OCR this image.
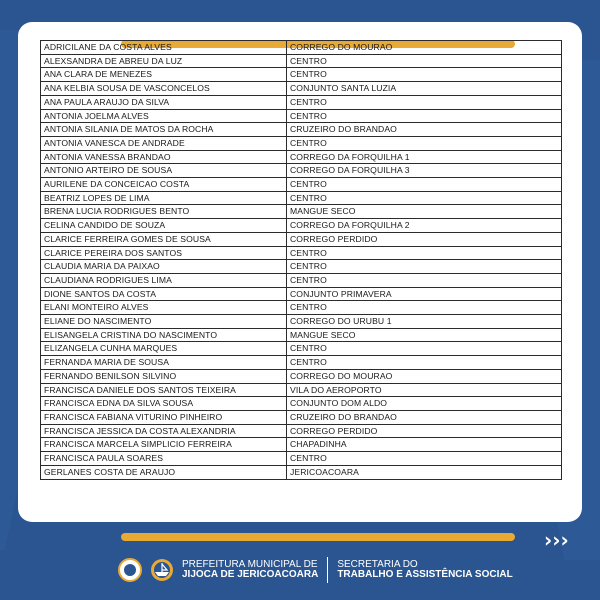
ADRICILANE DA COSTA ALVES	CORREGO DO MOURAO
ALEXSANDRA DE ABREU DA LUZ	CENTRO
ANA CLARA DE MENEZES	CENTRO
ANA KELBIA SOUSA DE VASCONCELOS	CONJUNTO SANTA LUZIA
ANA PAULA ARAUJO DA SILVA	CENTRO
ANTONIA JOELMA ALVES	CENTRO
ANTONIA SILANIA DE MATOS DA ROCHA	CRUZEIRO DO BRANDAO
ANTONIA VANESCA DE ANDRADE	CENTRO
ANTONIA VANESSA BRANDAO	CORREGO DA FORQUILHA 1
ANTONIO ARTEIRO DE SOUSA	CORREGO DA FORQUILHA 3
AURILENE DA CONCEICAO COSTA	CENTRO
BEATRIZ LOPES DE LIMA	CENTRO
BRENA LUCIA RODRIGUES BENTO	MANGUE SECO
CELINA CANDIDO DE SOUZA	CORREGO DA FORQUILHA 2
CLARICE FERREIRA GOMES DE SOUSA	CORREGO PERDIDO
CLARICE PEREIRA DOS SANTOS	CENTRO
CLAUDIA MARIA DA PAIXAO	CENTRO
CLAUDIANA RODRIGUES LIMA	CENTRO
DIONE SANTOS DA COSTA	CONJUNTO PRIMAVERA
ELANI MONTEIRO ALVES	CENTRO
ELIANE DO NASCIMENTO	CORREGO DO URUBU 1
ELISANGELA CRISTINA DO NASCIMENTO	MANGUE SECO
ELIZANGELA CUNHA MARQUES	CENTRO
FERNANDA MARIA DE SOUSA	CENTRO
FERNANDO BENILSON SILVINO	CORREGO DO MOURAO
FRANCISCA DANIELE DOS SANTOS TEIXEIRA	VILA DO AEROPORTO
FRANCISCA EDNA DA SILVA SOUSA	CONJUNTO DOM ALDO
FRANCISCA FABIANA VITURINO PINHEIRO	CRUZEIRO DO BRANDAO
FRANCISCA JESSICA DA COSTA ALEXANDRIA	CORREGO PERDIDO
FRANCISCA MARCELA SIMPLICIO FERREIRA	CHAPADINHA
FRANCISCA PAULA SOARES	CENTRO
GERLANES COSTA DE ARAUJO	JERICOACOARA
›››
PREFEITURA MUNICIPAL DE
JIJOCA DE JERICOACOARA
SECRETARIA DO
TRABALHO E ASSISTÊNCIA SOCIAL
